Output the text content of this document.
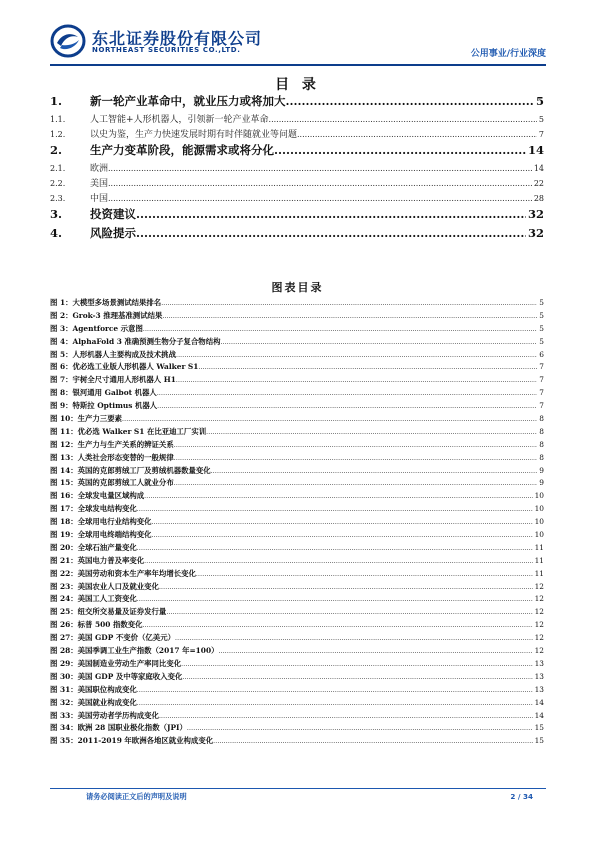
东北证券股份有限公司
NORTHEAST SECURITIES CO.,LTD.	公用事业/行业深度
目 录
1.	新一轮产业革命中，就业压力或将加大 .....	5
1.1.	人工智能+人形机器人，引领新一轮产业革命 .....	5
1.2.	以史为鉴，生产力快速发展时期有时伴随就业等问题 .....	7
2.	生产力变革阶段，能源需求或将分化 .....	14
2.1.	欧洲 .....	14
2.2.	美国 .....	22
2.3.	中国 .....	28
3.	投资建议 .....	32
4.	风险提示 .....	32
图表目录
图 1：大模型多场景测试结果排名 .....	5
图 2：Grok-3 推理基准测试结果 .....	5
图 3：Agentforce 示意图 .....	5
图 4：AlphaFold 3 准确预测生物分子复合物结构 .....	5
图 5：人形机器人主要构成及技术挑战 .....	6
图 6：优必选工业版人形机器人 Walker S1 .....	7
图 7：宇树全尺寸通用人形机器人 H1 .....	7
图 8：银河通用 Galbot 机器人 .....	7
图 9：特斯拉 Optimus 机器人 .....	7
图 10：生产力三要素 .....	8
图 11：优必选 Walker S1 在比亚迪工厂实训 .....	8
图 12：生产力与生产关系的辨证关系 .....	8
图 13：人类社会形态变替的一般规律 .....	8
图 14：英国的克郎剪绒工厂及剪绒机器数量变化 .....	9
图 15：英国的克郎剪绒工人就业分布 .....	9
图 16：全球发电量区域构成 .....	10
图 17：全球发电结构变化 .....	10
图 18：全球用电行业结构变化 .....	10
图 19：全球用电终端结构变化 .....	10
图 20：全球石油产量变化 .....	11
图 21：英国电力普及率变化 .....	11
图 22：美国劳动和资本生产率年均增长变化 .....	11
图 23：美国农业人口及就业变化 .....	12
图 24：美国工人工资变化 .....	12
图 25：纽交所交易量及证券发行量 .....	12
图 26：标普 500 指数变化 .....	12
图 27：美国 GDP 不变价（亿美元） .....	12
图 28：美国季调工业生产指数（2017 年=100） .....	12
图 29：美国制造业劳动生产率同比变化 .....	13
图 30：美国 GDP 及中等家庭收入变化 .....	13
图 31：美国职位构成变化 .....	13
图 32：美国就业构成变化 .....	14
图 33：美国劳动者学历构成变化 .....	14
图 34：欧洲 28 国职业极化指数（JPI） .....	15
图 35：2011-2019 年欧洲各地区就业构成变化 .....	15
请务必阅读正文后的声明及说明	2 / 34
